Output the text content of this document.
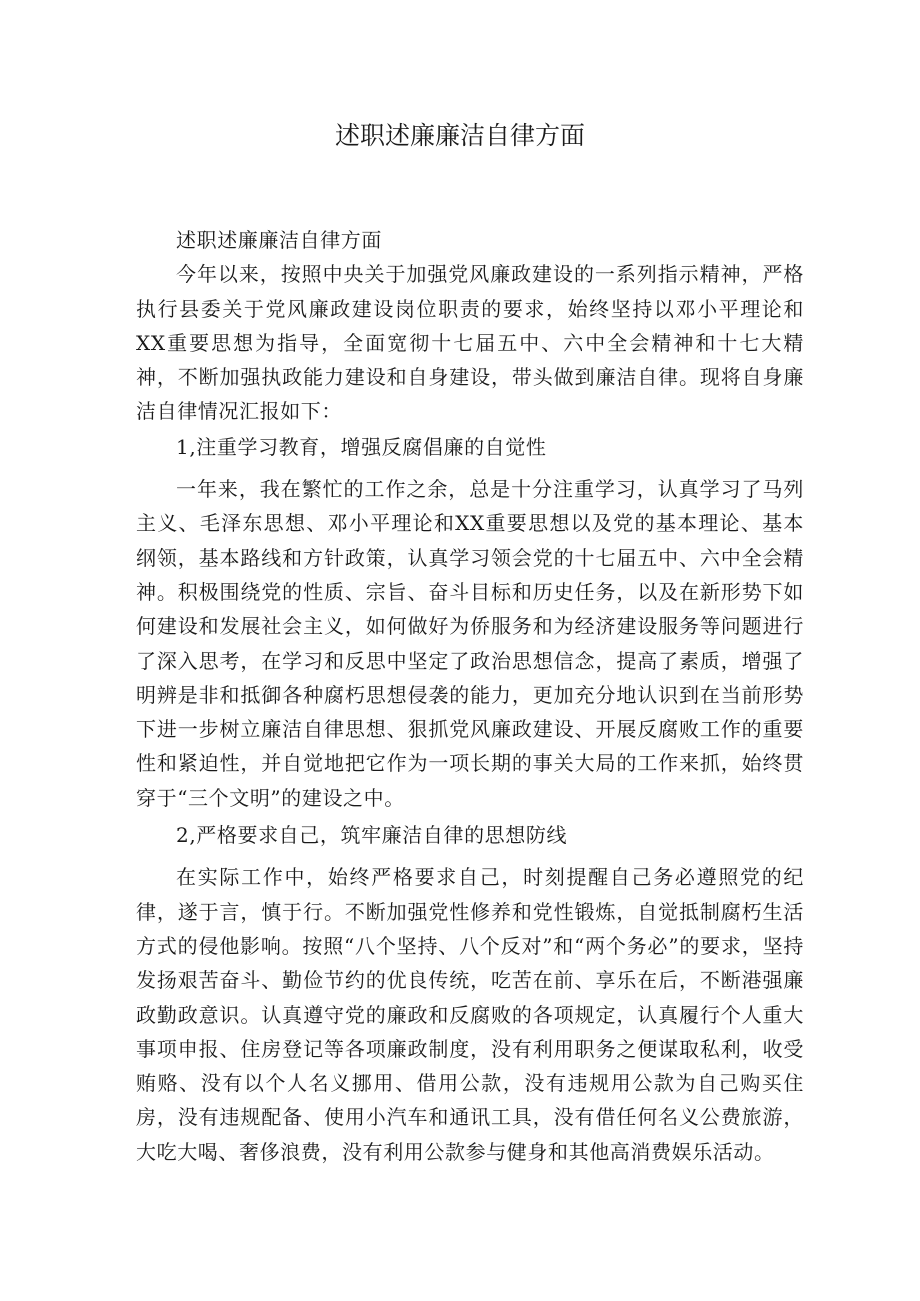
述职述廉廉洁自律方面

述职述廉廉洁自律方面

今年以来，按照中央关于加强党风廉政建设的一系列指示精神，严格执行县委关于党风廉政建设岗位职责的要求，始终坚持以邓小平理论和XX重要思想为指导，全面宽彻十七届五中、六中全会精神和十七大精神，不断加强执政能力建设和自身建设，带头做到廉洁自律。现将自身廉洁自律情况汇报如下：

1,注重学习教育，增强反腐倡廉的自觉性

一年来，我在繁忙的工作之余，总是十分注重学习，认真学习了马列主义、毛泽东思想、邓小平理论和XX重要思想以及党的基本理论、基本纲领，基本路线和方针政策，认真学习领会党的十七届五中、六中全会精神。积极围绕党的性质、宗旨、奋斗目标和历史任务，以及在新形势下如何建设和发展社会主义，如何做好为侨服务和为经济建设服务等问题进行了深入思考，在学习和反思中坚定了政治思想信念，提高了素质，增强了明辨是非和抵御各种腐朽思想侵袭的能力，更加充分地认识到在当前形势下进一步树立廉洁自律思想、狠抓党风廉政建设、开展反腐败工作的重要性和紧迫性，并自觉地把它作为一项长期的事关大局的工作来抓，始终贯穿于“三个文明”的建设之中。

2,严格要求自己，筑牢廉洁自律的思想防线

在实际工作中，始终严格要求自己，时刻提醒自己务必遵照党的纪律，遂于言，慎于行。不断加强党性修养和党性锻炼，自觉抵制腐朽生活方式的侵他影响。按照“八个坚持、八个反对”和“两个务必”的要求，坚持发扬艰苦奋斗、勤俭节约的优良传统，吃苦在前、享乐在后，不断港强廉政勤政意识。认真遵守党的廉政和反腐败的各项规定，认真履行个人重大事项申报、住房登记等各项廉政制度，没有利用职务之便谋取私利，收受贿赂、没有以个人名义挪用、借用公款，没有违规用公款为自己购买住房，没有违规配备、使用小汽车和通讯工具，没有借任何名义公费旅游，大吃大喝、奢侈浪费，没有利用公款参与健身和其他高消费娱乐活动。
